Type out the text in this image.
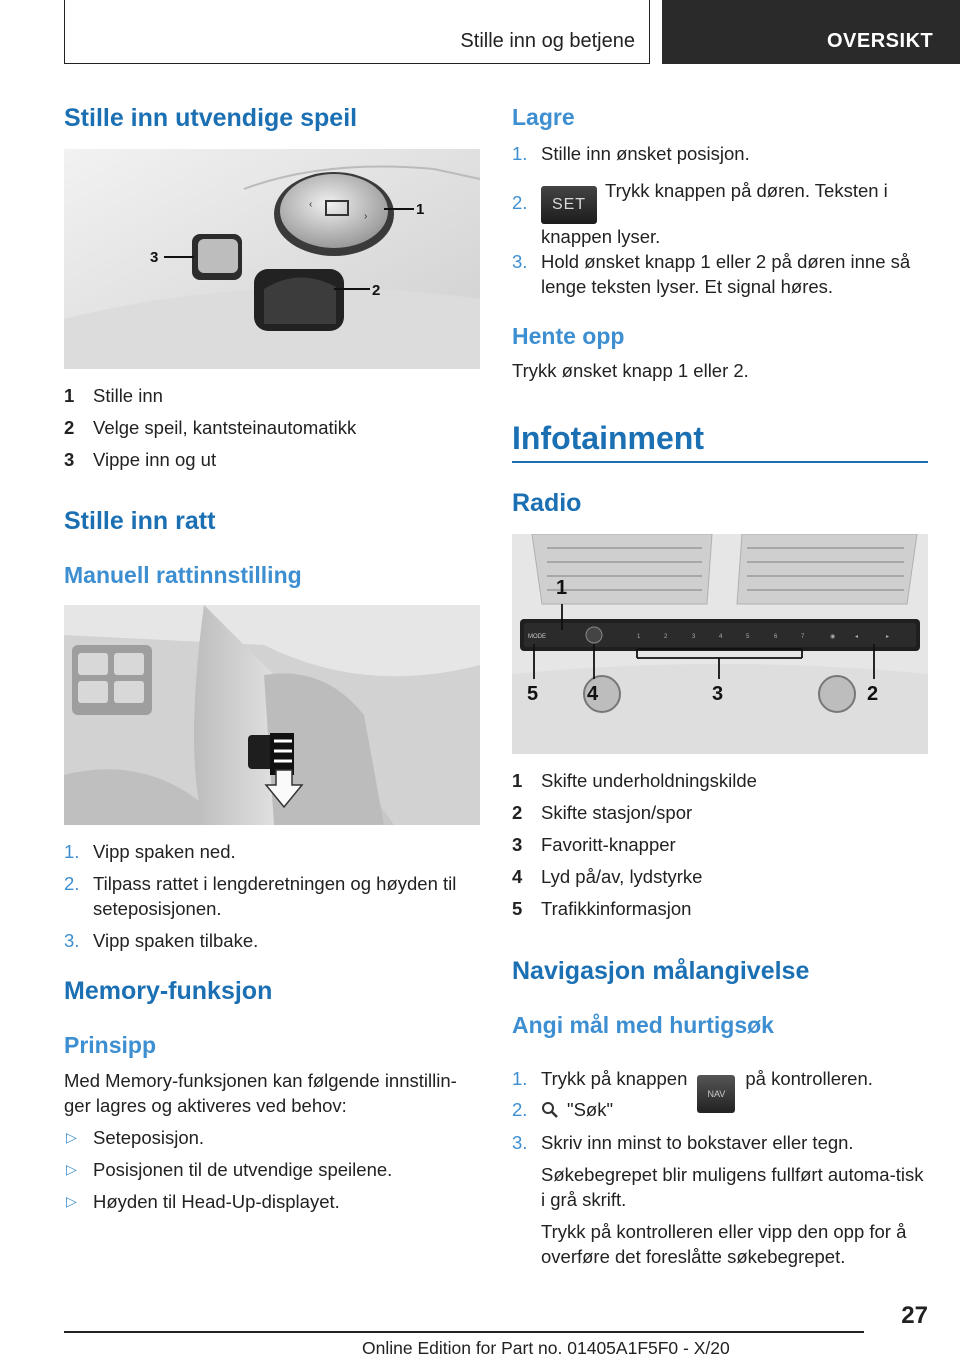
Stille inn og betjene	OVERSIKT
Stille inn utvendige speil
‹
›	1
2
3
1 Stille inn
2 Velge speil, kantsteinautomatikk
3 Vippe inn og ut
Stille inn ratt
Manuell rattinnstilling
1. Vipp spaken ned.
2. Tilpass rattet i lengderetningen og høyden til seteposisjonen.
3. Vipp spaken tilbake.
Memory-funksjon
Prinsipp
Med Memory-funksjonen kan følgende innstillin-ger lagres og aktiveres ved behov:
▷ Seteposisjon.
▷ Posisjonen til de utvendige speilene.
▷ Høyden til Head-Up-displayet.
Lagre
1. Stille inn ønsket posisjon.
2.	SETTrykk knappen på døren. Teksten i knappen lyser.
3. Hold ønsket knapp 1 eller 2 på døren inne så lenge teksten lyser. Et signal høres.
Hente opp
Trykk ønsket knapp 1 eller 2.
Infotainment
Radio
MODE	1	2	3	4	5	6	7	◉	◂	▸
1
5 4	3	2
1 Skifte underholdningskilde
2 Skifte stasjon/spor
3 Favoritt-knapper
4 Lyd på/av, lydstyrke
5 Trafikkinformasjon
Navigasjon målangivelse
Angi mål med hurtigsøk
1. Trykk på knappenNAVpå kontrolleren.
2.	"Søk"
3. Skriv inn minst to bokstaver eller tegn.
Søkebegrepet blir muligens fullført automa-tisk i grå skrift.
Trykk på kontrolleren eller vipp den opp for å overføre det foreslåtte søkebegrepet.
27
Online Edition for Part no. 01405A1F5F0 - X/20
